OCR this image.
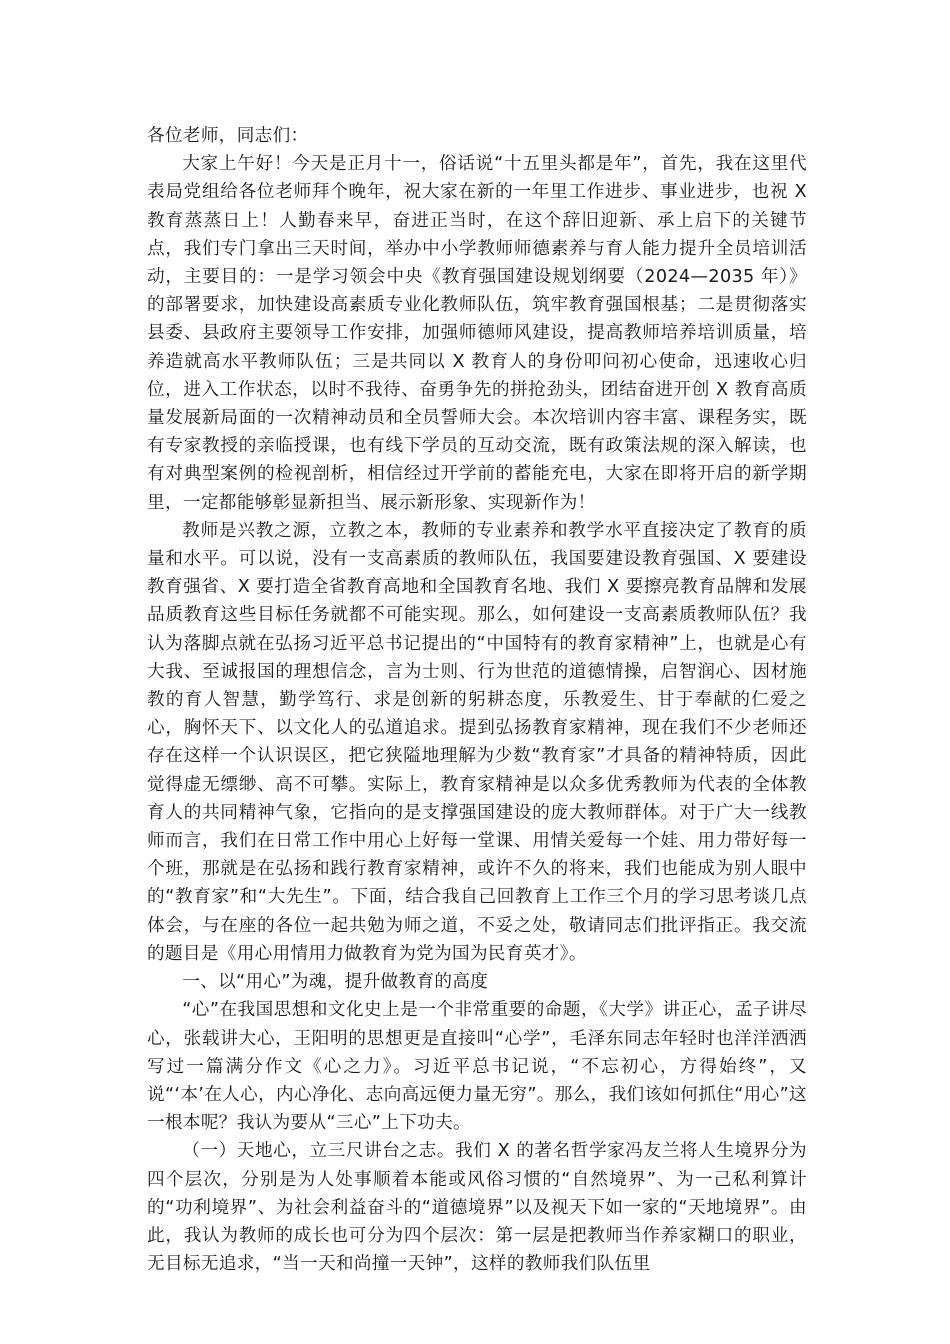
各位老师，同志们：

大家上午好！今天是正月十一，俗话说“十五里头都是年”，首先，我在这里代表局党组给各位老师拜个晚年，祝大家在新的一年里工作进步、事业进步，也祝 X 教育蒸蒸日上！人勤春来早，奋进正当时，在这个辞旧迎新、承上启下的关键节点，我们专门拿出三天时间，举办中小学教师师德素养与育人能力提升全员培训活动，主要目的：一是学习领会中央《教育强国建设规划纲要（2024—2035 年）》的部署要求，加快建设高素质专业化教师队伍，筑牢教育强国根基；二是贯彻落实县委、县政府主要领导工作安排，加强师德师风建设，提高教师培养培训质量，培养造就高水平教师队伍；三是共同以 X 教育人的身份叩问初心使命，迅速收心归位，进入工作状态，以时不我待、奋勇争先的拼抢劲头，团结奋进开创 X 教育高质量发展新局面的一次精神动员和全员誓师大会。本次培训内容丰富、课程务实，既有专家教授的亲临授课，也有线下学员的互动交流，既有政策法规的深入解读，也有对典型案例的检视剖析，相信经过开学前的蓄能充电，大家在即将开启的新学期里，一定都能够彰显新担当、展示新形象、实现新作为！

教师是兴教之源，立教之本，教师的专业素养和教学水平直接决定了教育的质量和水平。可以说，没有一支高素质的教师队伍，我国要建设教育强国、X 要建设教育强省、X 要打造全省教育高地和全国教育名地、我们 X 要擦亮教育品牌和发展品质教育这些目标任务就都不可能实现。那么，如何建设一支高素质教师队伍？我认为落脚点就在弘扬习近平总书记提出的“中国特有的教育家精神”上，也就是心有大我、至诚报国的理想信念，言为士则、行为世范的道德情操，启智润心、因材施教的育人智慧，勤学笃行、求是创新的躬耕态度，乐教爱生、甘于奉献的仁爱之心，胸怀天下、以文化人的弘道追求。提到弘扬教育家精神，现在我们不少老师还存在这样一个认识误区，把它狭隘地理解为少数“教育家”才具备的精神特质，因此觉得虚无缥缈、高不可攀。实际上，教育家精神是以众多优秀教师为代表的全体教育人的共同精神气象，它指向的是支撑强国建设的庞大教师群体。对于广大一线教师而言，我们在日常工作中用心上好每一堂课、用情关爱每一个娃、用力带好每一个班，那就是在弘扬和践行教育家精神，或许不久的将来，我们也能成为别人眼中的“教育家”和“大先生”。下面，结合我自己回教育上工作三个月的学习思考谈几点体会，与在座的各位一起共勉为师之道，不妥之处，敬请同志们批评指正。我交流的题目是《用心用情用力做教育为党为国为民育英才》。

一、以“用心”为魂，提升做教育的高度

“心”在我国思想和文化史上是一个非常重要的命题，《大学》讲正心，孟子讲尽心，张载讲大心，王阳明的思想更是直接叫“心学”，毛泽东同志年轻时也洋洋洒洒写过一篇满分作文《心之力》。习近平总书记说，“不忘初心，方得始终”，又说“‘本’在人心，内心净化、志向高远便力量无穷”。那么，我们该如何抓住“用心”这一根本呢？我认为要从“三心”上下功夫。

（一）天地心，立三尺讲台之志。我们 X 的著名哲学家冯友兰将人生境界分为四个层次，分别是为人处事顺着本能或风俗习惯的“自然境界”、为一己私利算计的“功利境界”、为社会利益奋斗的“道德境界”以及视天下如一家的“天地境界”。由此，我认为教师的成长也可分为四个层次：第一层是把教师当作养家糊口的职业，无目标无追求，“当一天和尚撞一天钟”，这样的教师我们队伍里
